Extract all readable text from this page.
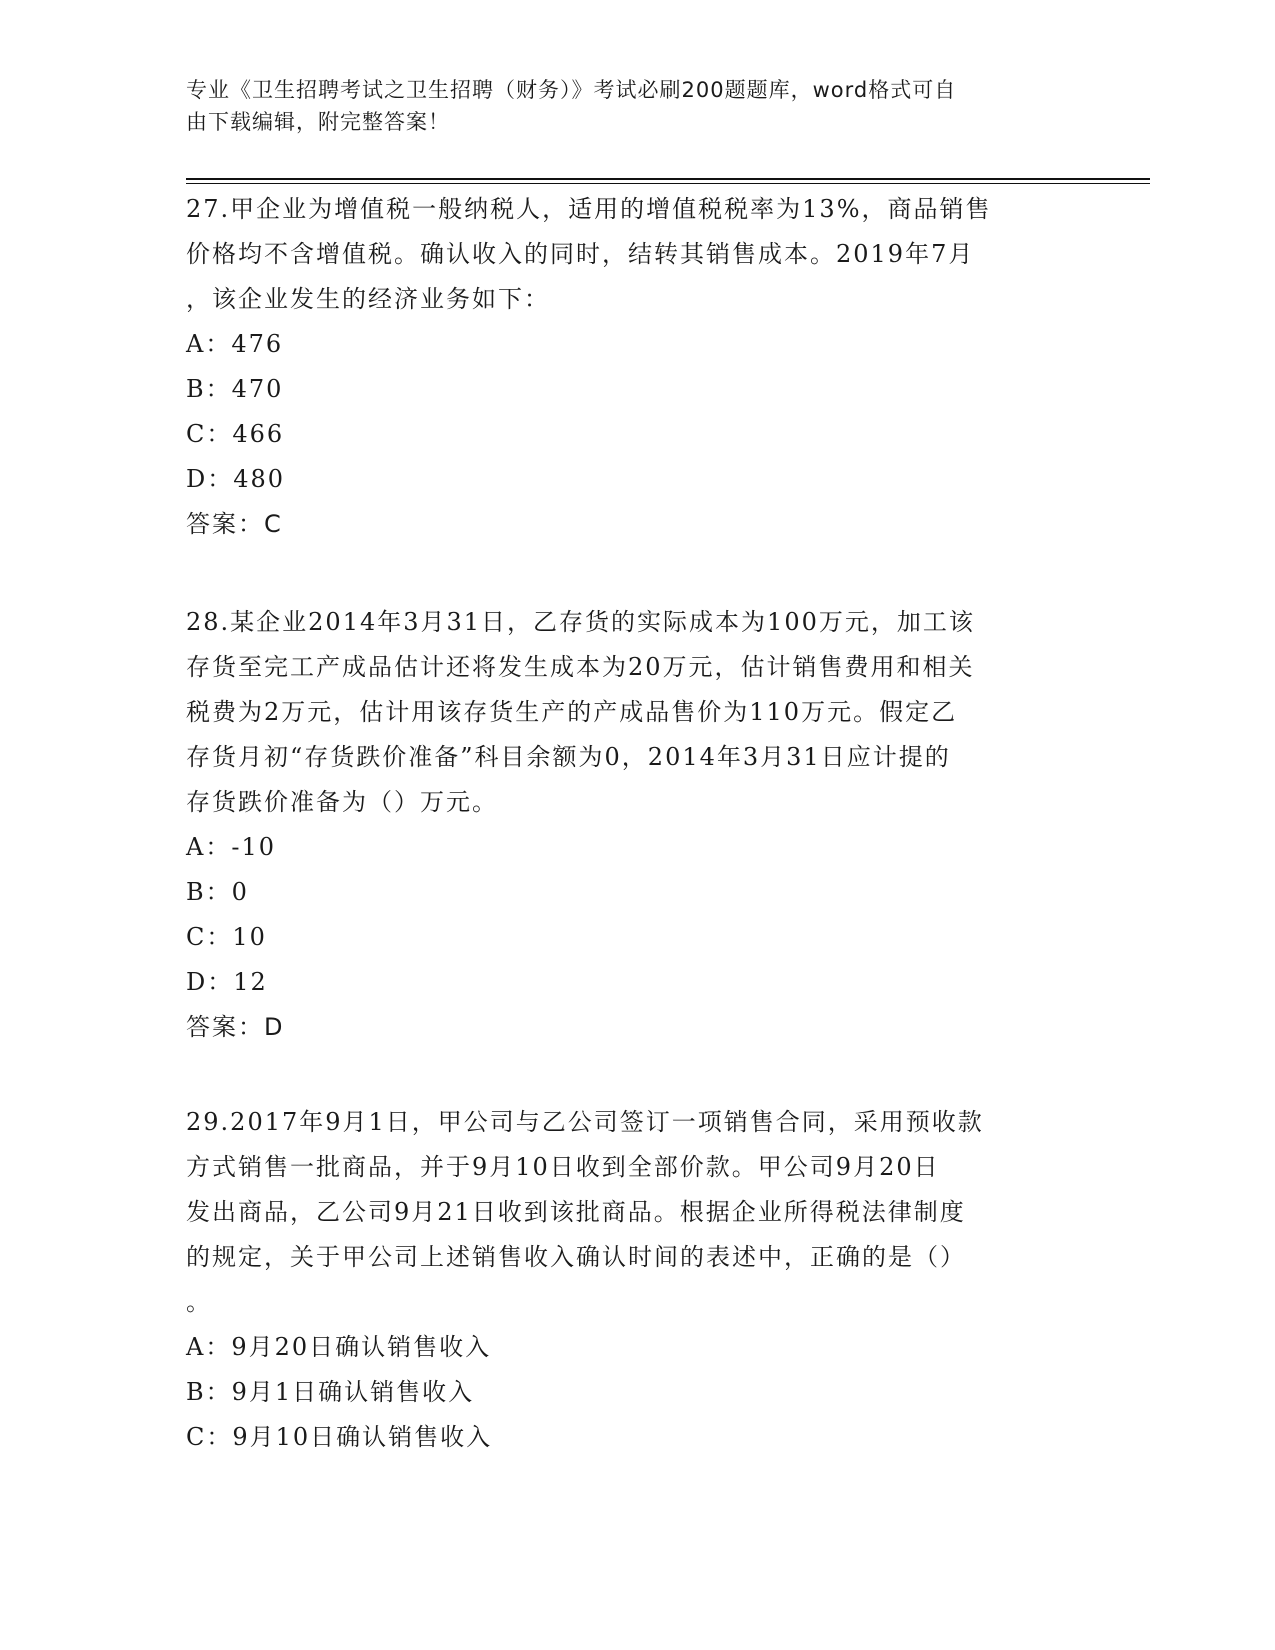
专业《卫生招聘考试之卫生招聘（财务）》考试必刷200题题库，word格式可自
由下载编辑，附完整答案！

27.甲企业为增值税一般纳税人，适用的增值税税率为13%，商品销售

价格均不含增值税。确认收入的同时，结转其销售成本。2019年7月

，该企业发生的经济业务如下：

A： 476

B： 470

C： 466

D： 480

答案：C

28.某企业2014年3月31日，乙存货的实际成本为100万元，加工该

存货至完工产成品估计还将发生成本为20万元，估计销售费用和相关

税费为2万元，估计用该存货生产的产成品售价为110万元。假定乙

存货月初“存货跌价准备”科目余额为0，2014年3月31日应计提的

存货跌价准备为（）万元。

A： -10

B： 0

C： 10

D： 12

答案：D

29.2017年9月1日，甲公司与乙公司签订一项销售合同，采用预收款

方式销售一批商品，并于9月10日收到全部价款。甲公司9月20日

发出商品，乙公司9月21日收到该批商品。根据企业所得税法律制度

的规定，关于甲公司上述销售收入确认时间的表述中，正确的是（）

。

A： 9月20日确认销售收入

B： 9月1日确认销售收入

C： 9月10日确认销售收入
